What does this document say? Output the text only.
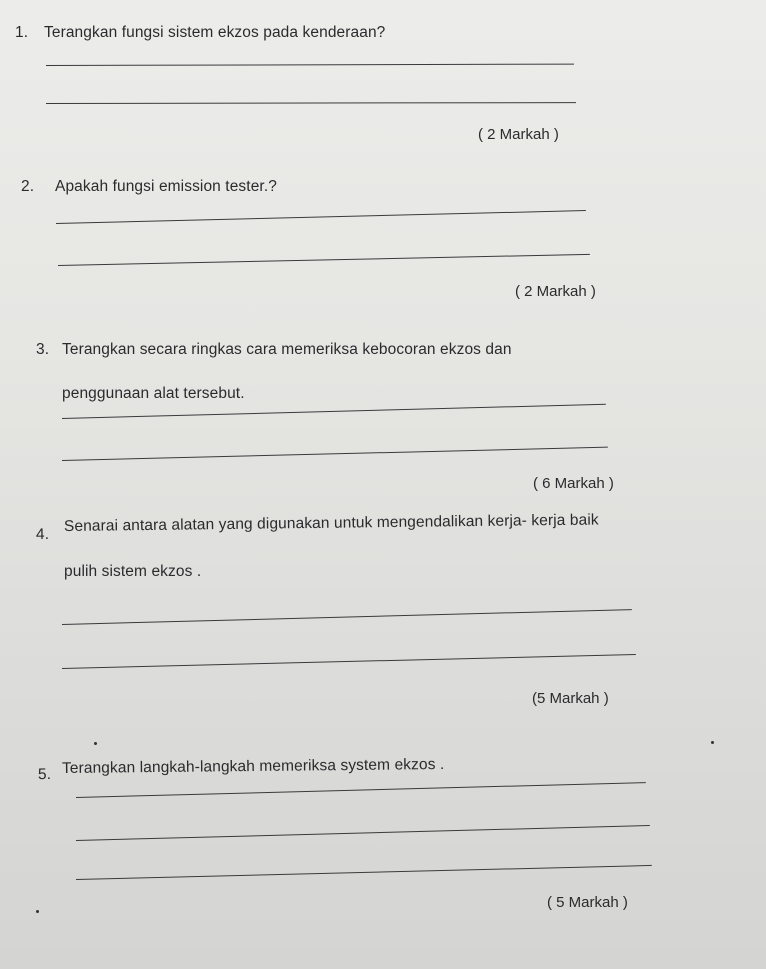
1. Terangkan fungsi sistem ekzos pada kenderaan?
( 2 Markah )
2. Apakah fungsi emission tester.?
( 2 Markah )
3. Terangkan secara ringkas cara memeriksa kebocoran ekzos dan
penggunaan alat tersebut.
( 6 Markah )
4. Senarai antara alatan yang digunakan untuk mengendalikan kerja- kerja baik
pulih sistem ekzos .
(5 Markah )
5. Terangkan langkah-langkah memeriksa system ekzos .
( 5 Markah )
